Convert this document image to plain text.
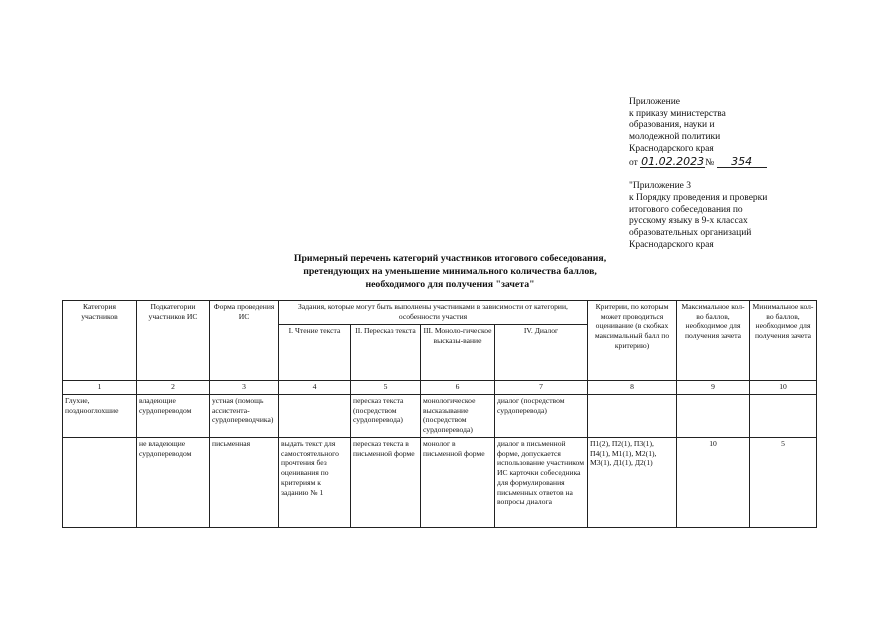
Приложение
к приказу министерства
образования, науки и
молодежной политики
Краснодарского края
от 01.02.2023№ 354
"Приложение 3
к Порядку проведения и проверки
итогового собеседования по
русскому языку в 9-х классах
образовательных организаций
Краснодарского края
Примерный перечень категорий участников итогового собеседования,
претендующих на уменьшение минимального количества баллов,
необходимого для получения "зачета"
Категория участников	Подкатегории участников ИС	Форма проведения ИС	Задания, которые могут быть выполнены участниками в зависимости от категории, особенности участия				Критерии, по которым может проводиться оценивание (в скобках максимальный балл по критерию)	Максимальное кол-во баллов, необходимое для получения зачета	Минимальное кол-во баллов, необходимое для получения зачета
			I. Чтение текста	II. Пересказ текста	III. Моноло-гическое высказы-вание	IV. Диалог			
1	2	3	4	5	6	7	8	9	10
Глухие, позднооглохшие	владеющие сурдопереводом	устная (помощь ассистента-сурдопереводчика)		пересказ текста (посредством сурдоперевода)	монологическое высказывание (посредством сурдоперевода)	диалог (посредством сурдоперевода)			
	не владеющие сурдопереводом	письменная	выдать текст для самостоятельного прочтения без оценивания по критериям к заданию № 1	пересказ текста в письменной форме	монолог в письменной форме	диалог в письменной форме, допускается использование участником ИС карточки собеседника для формулирования письменных ответов на вопросы диалога	П1(2), П2(1), П3(1), П4(1), М1(1), М2(1), М3(1), Д1(1), Д2(1)	10	5
